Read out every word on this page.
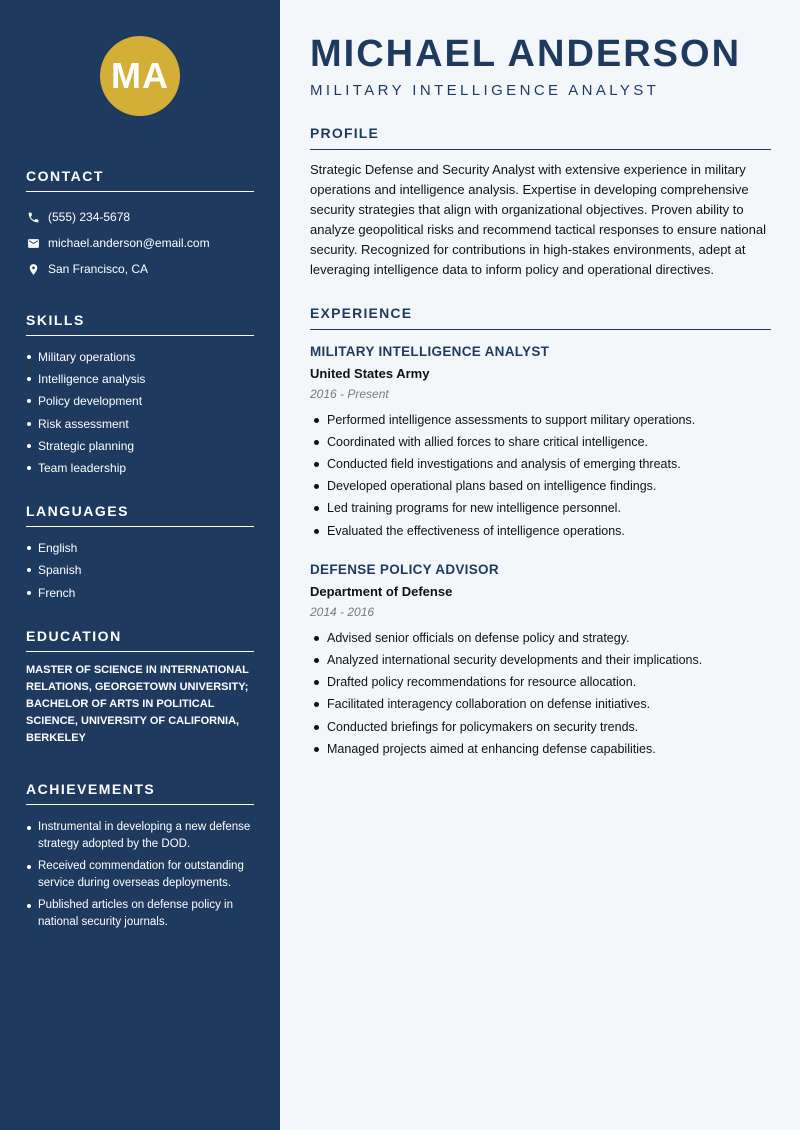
MA
CONTACT
(555) 234-5678
michael.anderson@email.com
San Francisco, CA
SKILLS
Military operations
Intelligence analysis
Policy development
Risk assessment
Strategic planning
Team leadership
LANGUAGES
English
Spanish
French
EDUCATION
MASTER OF SCIENCE IN INTERNATIONAL RELATIONS, GEORGETOWN UNIVERSITY; BACHELOR OF ARTS IN POLITICAL SCIENCE, UNIVERSITY OF CALIFORNIA, BERKELEY
ACHIEVEMENTS
Instrumental in developing a new defense strategy adopted by the DOD.
Received commendation for outstanding service during overseas deployments.
Published articles on defense policy in national security journals.
MICHAEL ANDERSON
MILITARY INTELLIGENCE ANALYST
PROFILE

Strategic Defense and Security Analyst with extensive experience in military operations and intelligence analysis. Expertise in developing comprehensive security strategies that align with organizational objectives. Proven ability to analyze geopolitical risks and recommend tactical responses to ensure national security. Recognized for contributions in high-stakes environments, adept at leveraging intelligence data to inform policy and operational directives.

EXPERIENCE
MILITARY INTELLIGENCE ANALYST
United States Army
2016 - Present
Performed intelligence assessments to support military operations.
Coordinated with allied forces to share critical intelligence.
Conducted field investigations and analysis of emerging threats.
Developed operational plans based on intelligence findings.
Led training programs for new intelligence personnel.
Evaluated the effectiveness of intelligence operations.
DEFENSE POLICY ADVISOR
Department of Defense
2014 - 2016
Advised senior officials on defense policy and strategy.
Analyzed international security developments and their implications.
Drafted policy recommendations for resource allocation.
Facilitated interagency collaboration on defense initiatives.
Conducted briefings for policymakers on security trends.
Managed projects aimed at enhancing defense capabilities.
